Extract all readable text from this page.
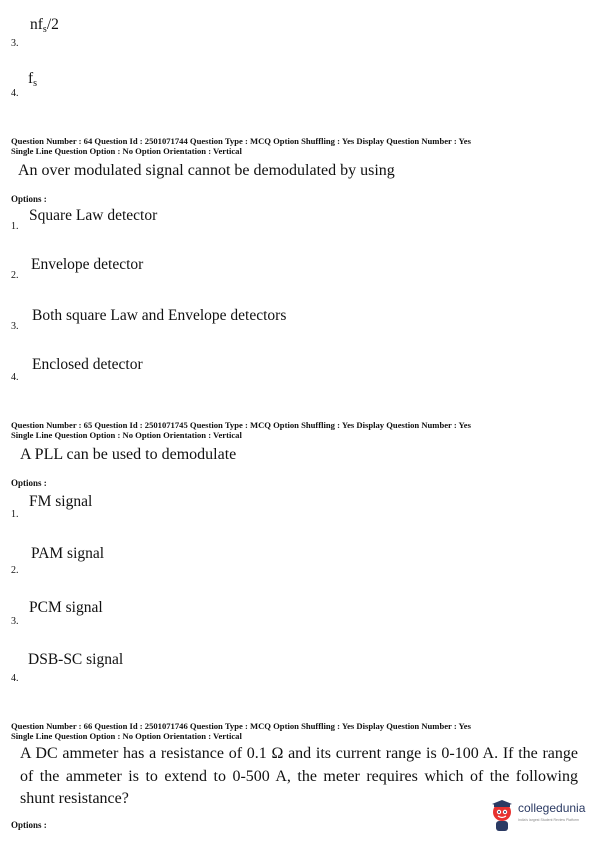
$nf_s/2$
3.
$f_s$
4.
Question Number : 64 Question Id : 2501071744 Question Type : MCQ Option Shuffling : Yes Display Question Number : Yes
Single Line Question Option : No Option Orientation : Vertical
An over modulated signal cannot be demodulated by using
Options :
Square Law detector
1.
Envelope detector
2.
Both square Law and Envelope detectors
3.
Enclosed detector
4.
Question Number : 65 Question Id : 2501071745 Question Type : MCQ Option Shuffling : Yes Display Question Number : Yes
Single Line Question Option : No Option Orientation : Vertical
A PLL can be used to demodulate
Options :
FM signal
1.
PAM signal
2.
PCM signal
3.
DSB-SC signal
4.
Question Number : 66 Question Id : 2501071746 Question Type : MCQ Option Shuffling : Yes Display Question Number : Yes
Single Line Question Option : No Option Orientation : Vertical
A DC ammeter has a resistance of 0.1 Ω and its current range is 0-100 A. If the range of the ammeter is to extend to 0-500 A, the meter requires which of the following shunt resistance?
Options :
collegedunia
India's largest Student Review Platform
